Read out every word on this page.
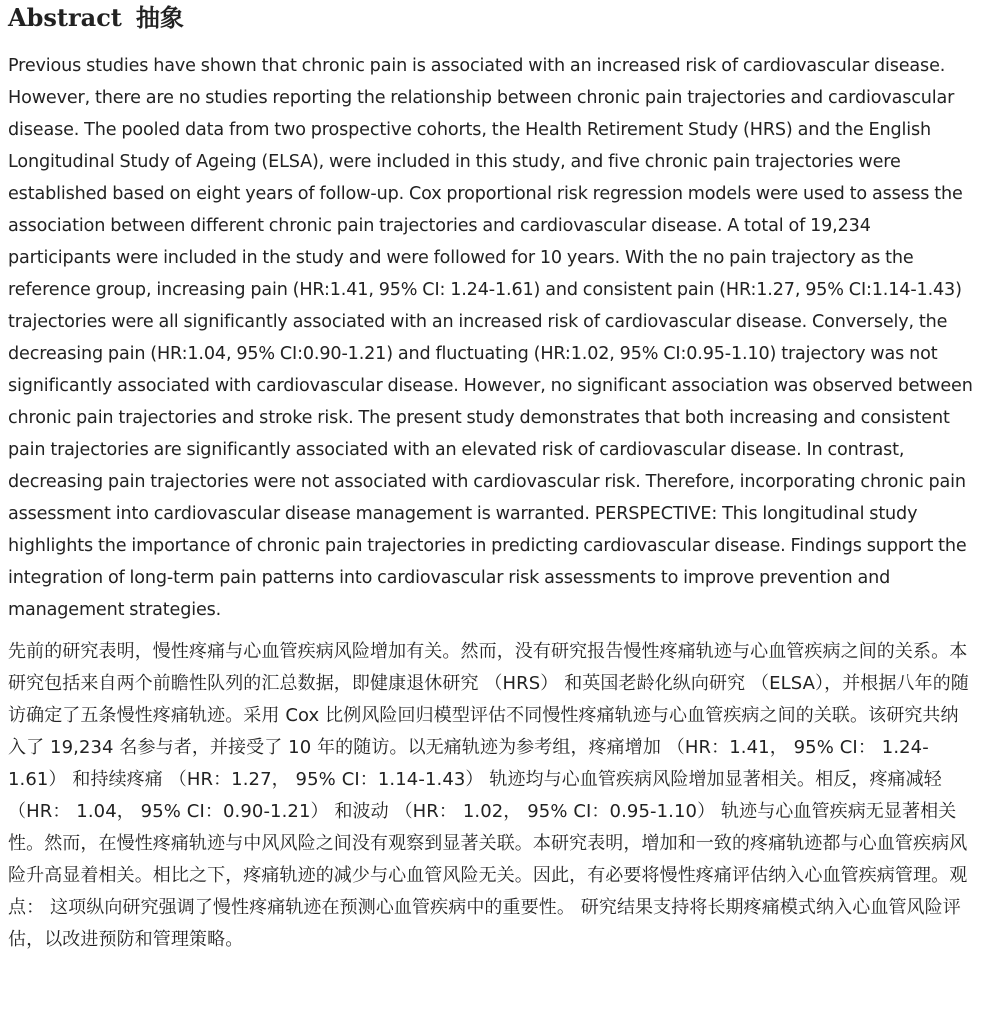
Abstract 抽象

Previous studies have shown that chronic pain is associated with an increased risk of cardiovascular disease. However, there are no studies reporting the relationship between chronic pain trajectories and cardiovascular disease. The pooled data from two prospective cohorts, the Health Retirement Study (HRS) and the English Longitudinal Study of Ageing (ELSA), were included in this study, and five chronic pain trajectories were established based on eight years of follow-up. Cox proportional risk regression models were used to assess the association between different chronic pain trajectories and cardiovascular disease. A total of 19,234 participants were included in the study and were followed for 10 years. With the no pain trajectory as the reference group, increasing pain (HR:1.41, 95% CI: 1.24-1.61) and consistent pain (HR:1.27, 95% CI:1.14-1.43) trajectories were all significantly associated with an increased risk of cardiovascular disease. Conversely, the decreasing pain (HR:1.04, 95% CI:0.90-1.21) and fluctuating (HR:1.02, 95% CI:0.95-1.10) trajectory was not significantly associated with cardiovascular disease. However, no significant association was observed between chronic pain trajectories and stroke risk. The present study demonstrates that both increasing and consistent pain trajectories are significantly associated with an elevated risk of cardiovascular disease. In contrast, decreasing pain trajectories were not associated with cardiovascular risk. Therefore, incorporating chronic pain assessment into cardiovascular disease management is warranted. PERSPECTIVE: This longitudinal study highlights the importance of chronic pain trajectories in predicting cardiovascular disease. Findings support the integration of long-term pain patterns into cardiovascular risk assessments to improve prevention and management strategies.

先前的研究表明，慢性疼痛与心血管疾病风险增加有关。然而，没有研究报告慢性疼痛轨迹与心血管疾病之间的关系。本研究包括来自两个前瞻性队列的汇总数据，即健康退休研究 （HRS） 和英国老龄化纵向研究 （ELSA），并根据八年的随访确定了五条慢性疼痛轨迹。采用 Cox 比例风险回归模型评估不同慢性疼痛轨迹与心血管疾病之间的关联。该研究共纳入了 19,234 名参与者，并接受了 10 年的随访。以无痛轨迹为参考组，疼痛增加 （HR：1.41， 95% CI： 1.24-1.61） 和持续疼痛 （HR：1.27， 95% CI：1.14-1.43） 轨迹均与心血管疾病风险增加显著相关。相反，疼痛减轻 （HR： 1.04， 95% CI：0.90-1.21） 和波动 （HR： 1.02， 95% CI：0.95-1.10） 轨迹与心血管疾病无显著相关性。然而，在慢性疼痛轨迹与中风风险之间没有观察到显著关联。本研究表明，增加和一致的疼痛轨迹都与心血管疾病风险升高显着相关。相比之下，疼痛轨迹的减少与心血管风险无关。因此，有必要将慢性疼痛评估纳入心血管疾病管理。观点： 这项纵向研究强调了慢性疼痛轨迹在预测心血管疾病中的重要性。 研究结果支持将长期疼痛模式纳入心血管风险评估，以改进预防和管理策略。
